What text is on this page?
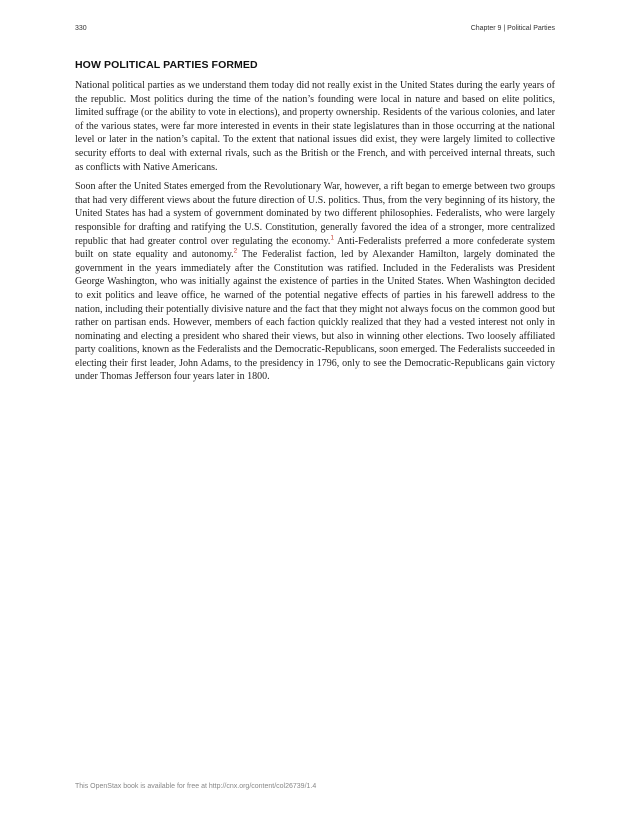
330	Chapter 9 | Political Parties
HOW POLITICAL PARTIES FORMED

National political parties as we understand them today did not really exist in the United States during the early years of the republic. Most politics during the time of the nation’s founding were local in nature and based on elite politics, limited suffrage (or the ability to vote in elections), and property ownership. Residents of the various colonies, and later of the various states, were far more interested in events in their state legislatures than in those occurring at the national level or later in the nation’s capital. To the extent that national issues did exist, they were largely limited to collective security efforts to deal with external rivals, such as the British or the French, and with perceived internal threats, such as conflicts with Native Americans.

Soon after the United States emerged from the Revolutionary War, however, a rift began to emerge between two groups that had very different views about the future direction of U.S. politics. Thus, from the very beginning of its history, the United States has had a system of government dominated by two different philosophies. Federalists, who were largely responsible for drafting and ratifying the U.S. Constitution, generally favored the idea of a stronger, more centralized republic that had greater control over regulating the economy.$^1$ Anti-Federalists preferred a more confederate system built on state equality and autonomy.$^2$ The Federalist faction, led by Alexander Hamilton, largely dominated the government in the years immediately after the Constitution was ratified. Included in the Federalists was President George Washington, who was initially against the existence of parties in the United States. When Washington decided to exit politics and leave office, he warned of the potential negative effects of parties in his farewell address to the nation, including their potentially divisive nature and the fact that they might not always focus on the common good but rather on partisan ends. However, members of each faction quickly realized that they had a vested interest not only in nominating and electing a president who shared their views, but also in winning other elections. Two loosely affiliated party coalitions, known as the Federalists and the Democratic-Republicans, soon emerged. The Federalists succeeded in electing their first leader, John Adams, to the presidency in 1796, only to see the Democratic-Republicans gain victory under Thomas Jefferson four years later in 1800.

This OpenStax book is available for free at http://cnx.org/content/col26739/1.4
